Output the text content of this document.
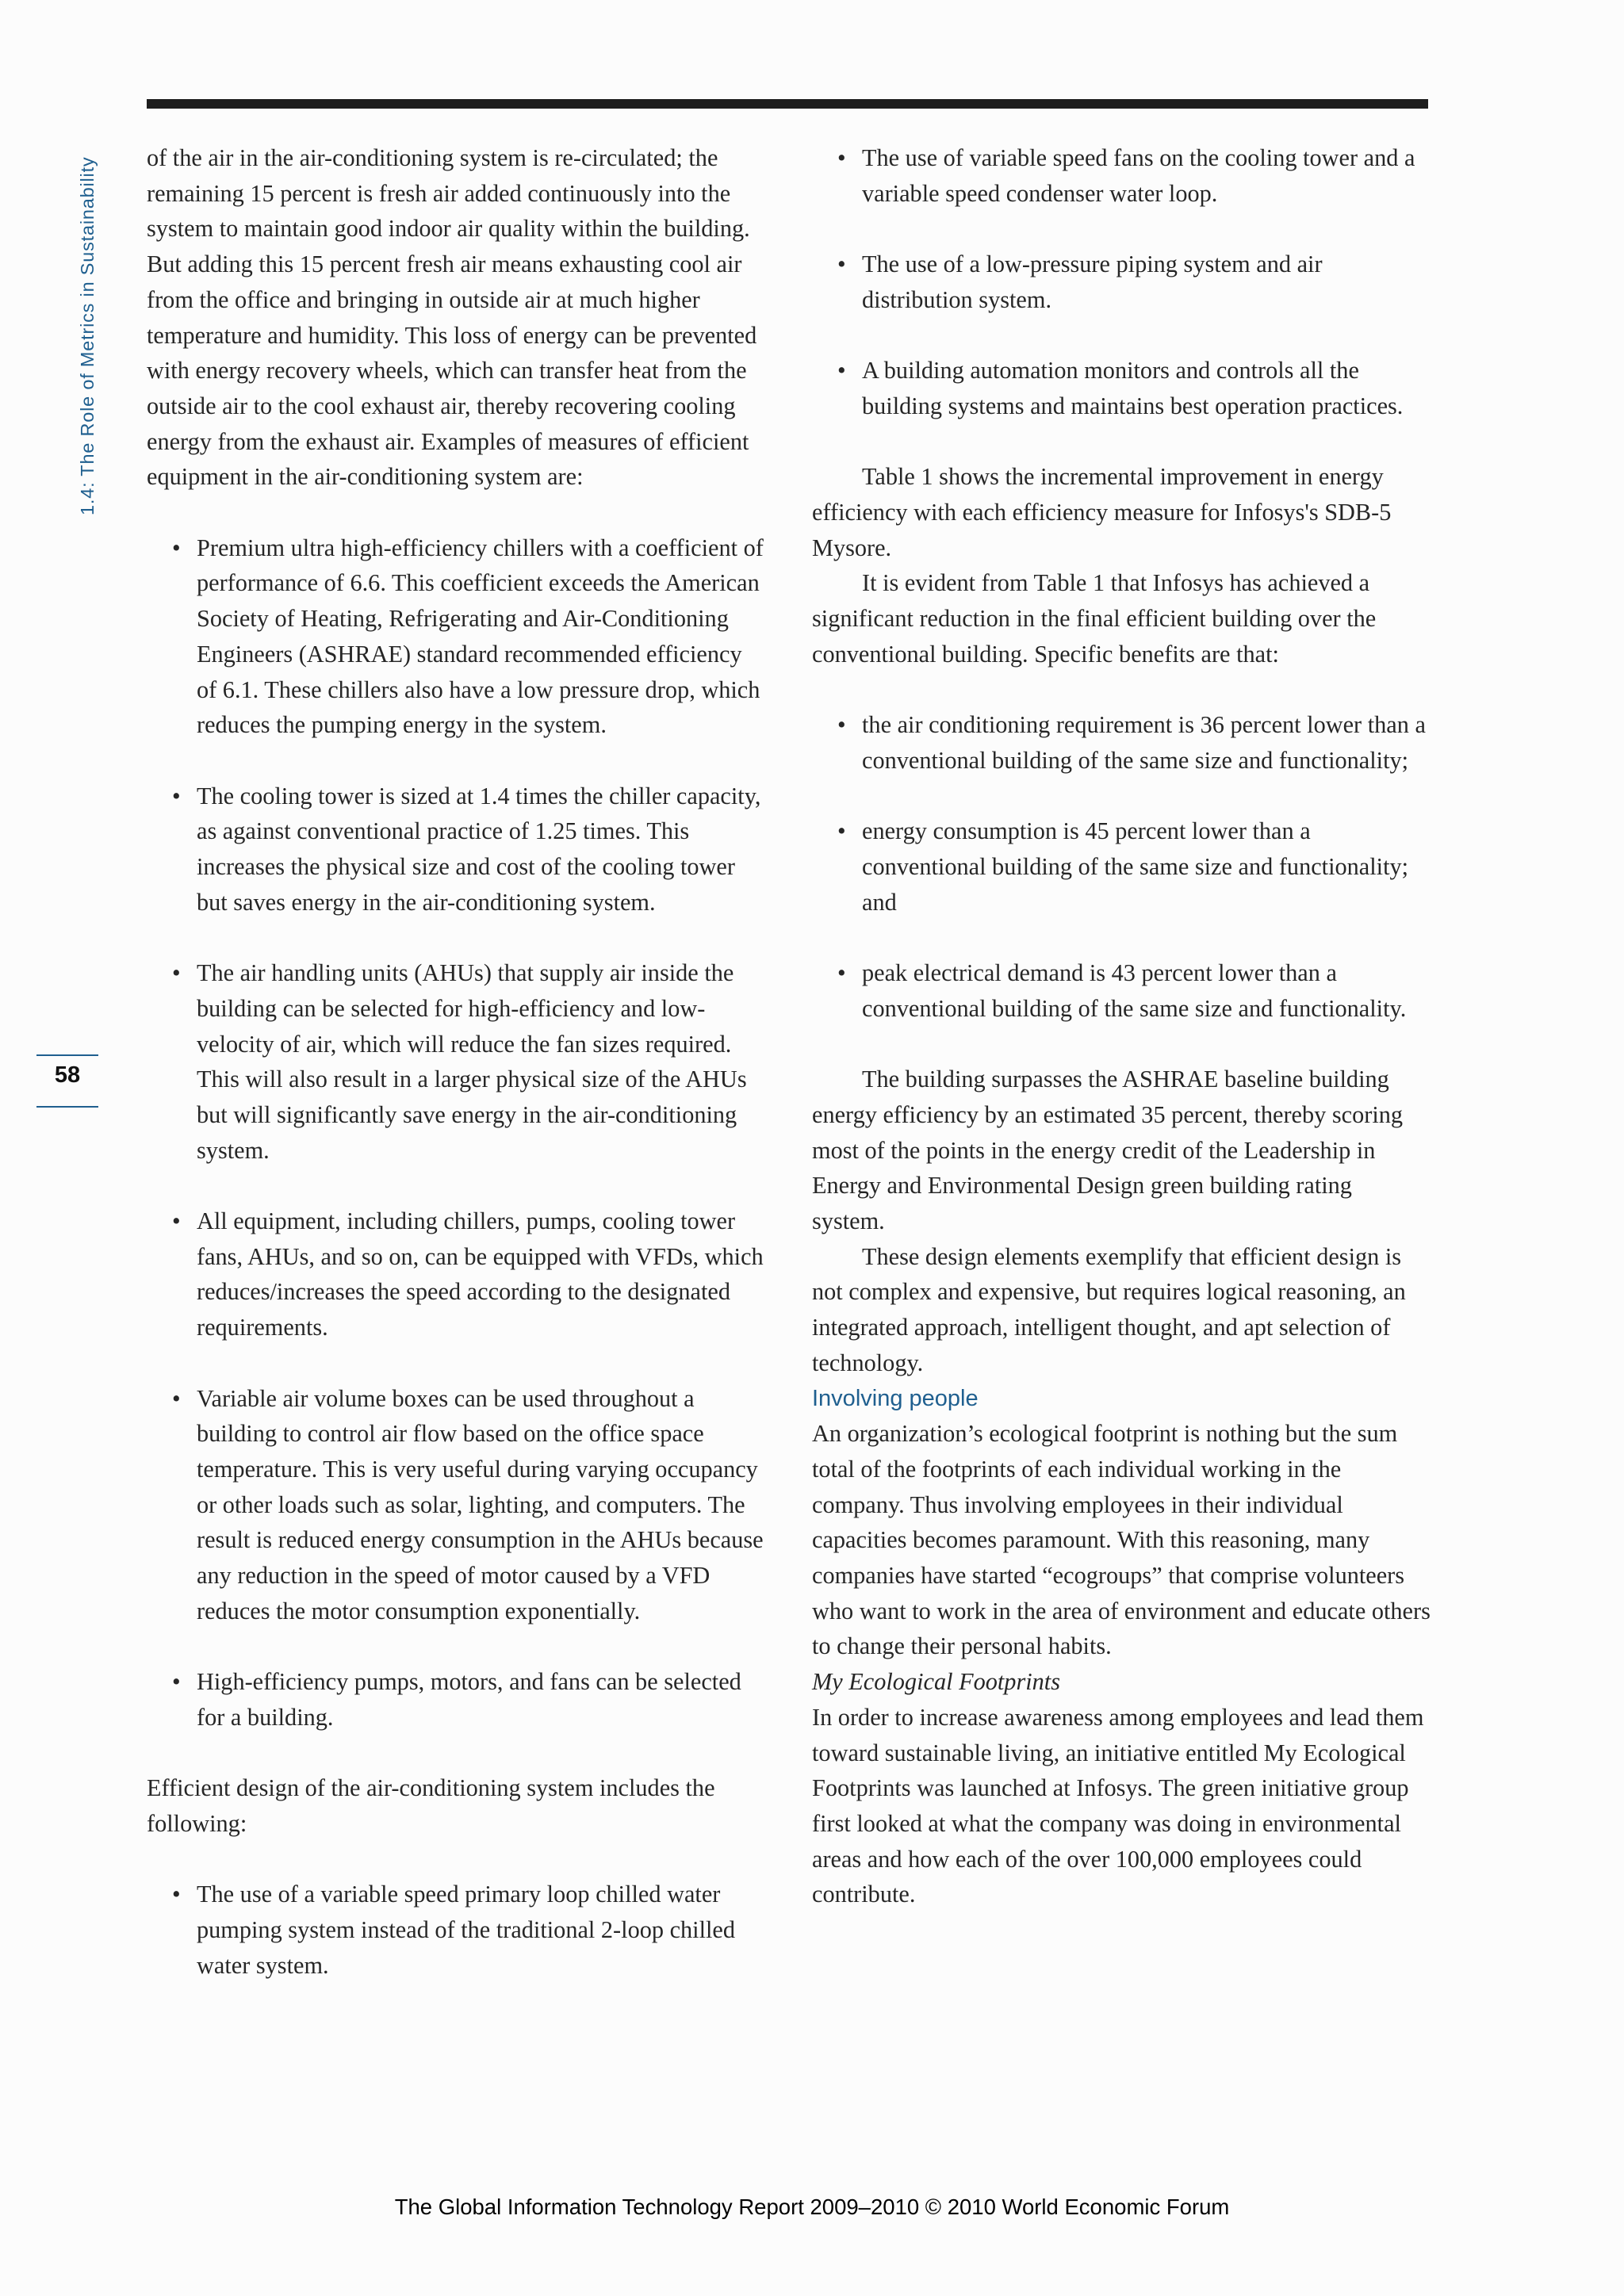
1.4: The Role of Metrics in Sustainability
58

of the air in the air-conditioning system is re-circulated; the remaining 15 percent is fresh air added continuously into the system to maintain good indoor air quality within the building. But adding this 15 percent fresh air means exhausting cool air from the office and bringing in outside air at much higher temperature and humidity. This loss of energy can be prevented with energy recovery wheels, which can transfer heat from the outside air to the cool exhaust air, thereby recovering cooling energy from the exhaust air. Examples of measures of efficient equipment in the air-conditioning system are:

• Premium ultra high-efficiency chillers with a coefficient of performance of 6.6. This coefficient exceeds the American Society of Heating, Refrigerating and Air-Conditioning Engineers (ASHRAE) standard recommended efficiency of 6.1. These chillers also have a low pressure drop, which reduces the pumping energy in the system.
• The cooling tower is sized at 1.4 times the chiller capacity, as against conventional practice of 1.25 times. This increases the physical size and cost of the cooling tower but saves energy in the air-conditioning system.
• The air handling units (AHUs) that supply air inside the building can be selected for high-efficiency and low-velocity of air, which will reduce the fan sizes required. This will also result in a larger physical size of the AHUs but will significantly save energy in the air-conditioning system.
• All equipment, including chillers, pumps, cooling tower fans, AHUs, and so on, can be equipped with VFDs, which reduces/increases the speed according to the designated requirements.
• Variable air volume boxes can be used throughout a building to control air flow based on the office space temperature. This is very useful during varying occupancy or other loads such as solar, lighting, and computers. The result is reduced energy consumption in the AHUs because any reduction in the speed of motor caused by a VFD reduces the motor consumption exponentially.
• High-efficiency pumps, motors, and fans can be selected for a building.

Efficient design of the air-conditioning system includes the following:

• The use of a variable speed primary loop chilled water pumping system instead of the traditional 2-loop chilled water system.
• The use of variable speed fans on the cooling tower and a variable speed condenser water loop.
• The use of a low-pressure piping system and air distribution system.
• A building automation monitors and controls all the building systems and maintains best operation practices.

Table 1 shows the incremental improvement in energy efficiency with each efficiency measure for Infosys's SDB-5 Mysore.

It is evident from Table 1 that Infosys has achieved a significant reduction in the final efficient building over the conventional building. Specific benefits are that:

• the air conditioning requirement is 36 percent lower than a conventional building of the same size and functionality;
• energy consumption is 45 percent lower than a conventional building of the same size and functionality; and
• peak electrical demand is 43 percent lower than a conventional building of the same size and functionality.

The building surpasses the ASHRAE baseline building energy efficiency by an estimated 35 percent, thereby scoring most of the points in the energy credit of the Leadership in Energy and Environmental Design green building rating system.

These design elements exemplify that efficient design is not complex and expensive, but requires logical reasoning, an integrated approach, intelligent thought, and apt selection of technology.

Involving people

An organization’s ecological footprint is nothing but the sum total of the footprints of each individual working in the company. Thus involving employees in their individual capacities becomes paramount. With this reasoning, many companies have started “ecogroups” that comprise volunteers who want to work in the area of environment and educate others to change their personal habits.

My Ecological Footprints

In order to increase awareness among employees and lead them toward sustainable living, an initiative entitled My Ecological Footprints was launched at Infosys. The green initiative group first looked at what the company was doing in environmental areas and how each of the over 100,000 employees could contribute.

The Global Information Technology Report 2009–2010 © 2010 World Economic Forum
